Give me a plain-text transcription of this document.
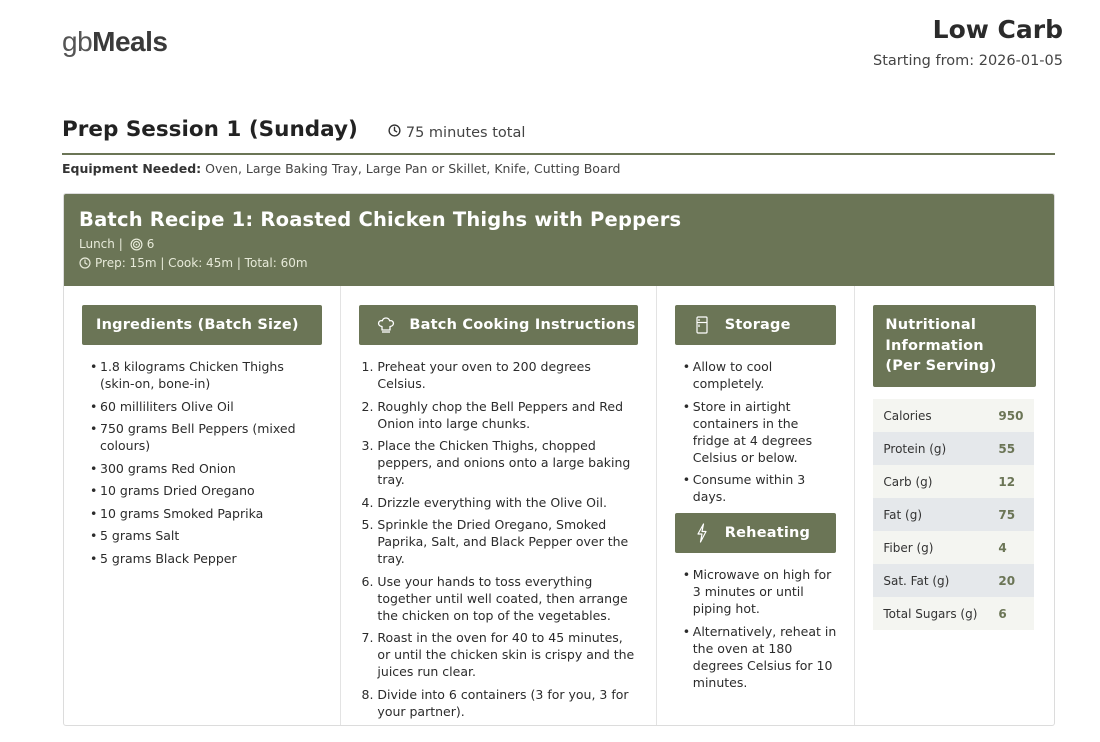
gbMeals	Low Carb
Starting from: 2026-01-05
Prep Session 1 (Sunday)	75 minutes total
Equipment Needed: Oven, Large Baking Tray, Large Pan or Skillet, Knife, Cutting Board
Batch Recipe 1: Roasted Chicken Thighs with Peppers
Lunch | 6
Prep: 15m | Cook: 45m | Total: 60m
Ingredients (Batch Size)
• 1.8 kilograms Chicken Thighs (skin-on, bone-in)
• 60 milliliters Olive Oil
• 750 grams Bell Peppers (mixed colours)
• 300 grams Red Onion
• 10 grams Dried Oregano
• 10 grams Smoked Paprika
• 5 grams Salt
• 5 grams Black Pepper
Batch Cooking Instructions
1. Preheat your oven to 200 degrees Celsius.
2. Roughly chop the Bell Peppers and Red Onion into large chunks.
3. Place the Chicken Thighs, chopped peppers, and onions onto a large baking tray.
4. Drizzle everything with the Olive Oil.
5. Sprinkle the Dried Oregano, Smoked Paprika, Salt, and Black Pepper over the tray.
6. Use your hands to toss everything together until well coated, then arrange the chicken on top of the vegetables.
7. Roast in the oven for 40 to 45 minutes, or until the chicken skin is crispy and the juices run clear.
8. Divide into 6 containers (3 for you, 3 for your partner).
Storage
• Allow to cool completely.
• Store in airtight containers in the fridge at 4 degrees Celsius or below.
• Consume within 3 days.
Reheating
• Microwave on high for 3 minutes or until piping hot.
• Alternatively, reheat in the oven at 180 degrees Celsius for 10 minutes.
Nutritional Information (Per Serving)
Calories	950
Protein (g)	55
Carb (g)	12
Fat (g)	75
Fiber (g)	4
Sat. Fat (g)	20
Total Sugars (g)	6
